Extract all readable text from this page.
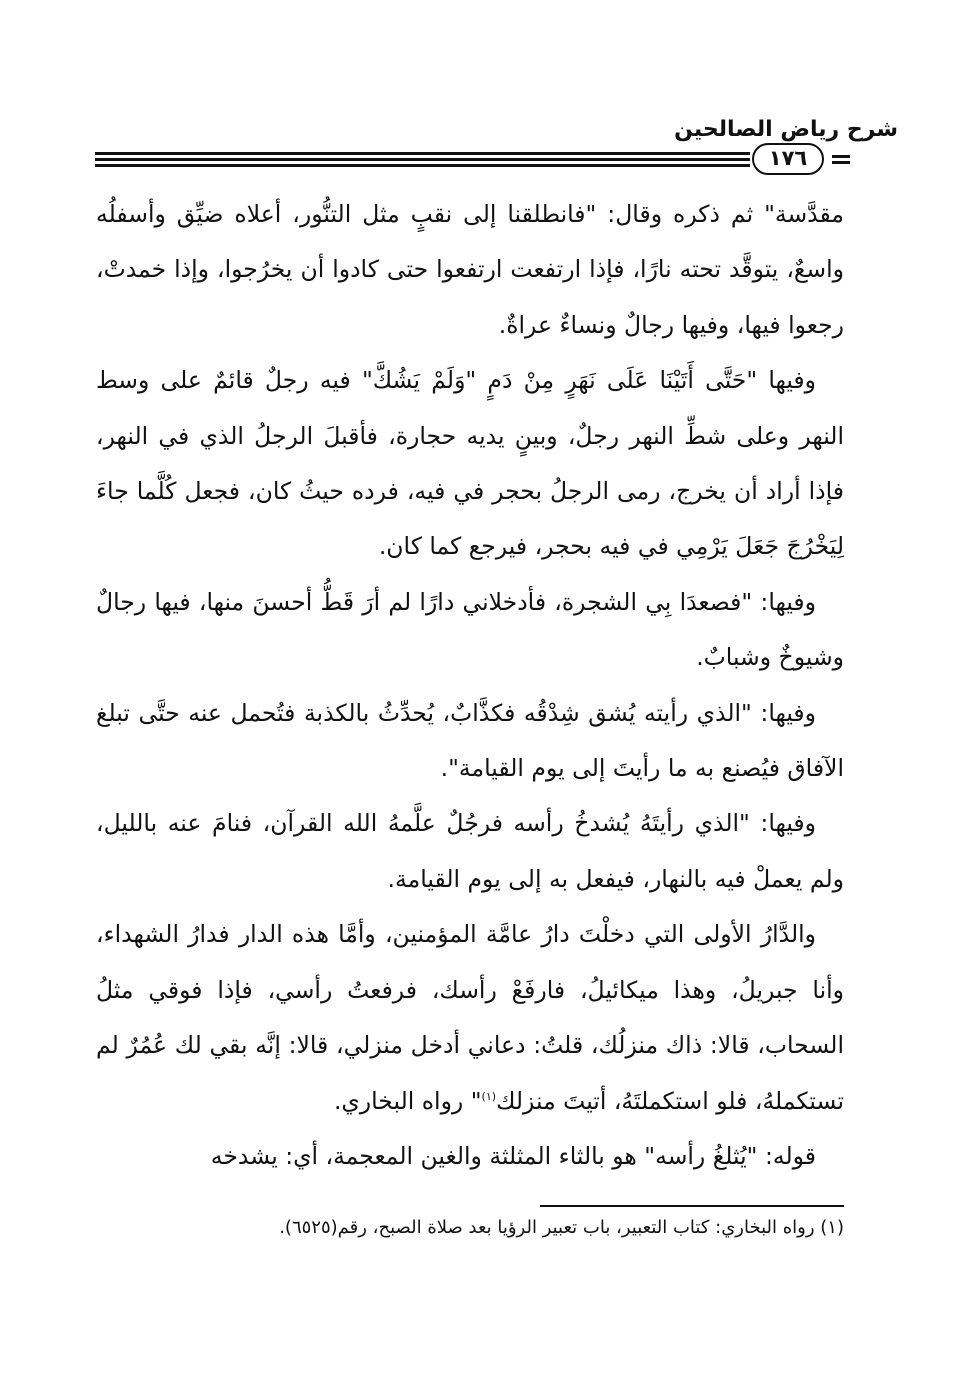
شرح رياض الصالحين
١٧٦

مقدَّسة" ثم ذكره وقال: "فانطلقنا إلى نقبٍ مثل التنُّور، أعلاه ضيِّق وأسفلُه واسعٌ، يتوقَّد تحته نارًا، فإذا ارتفعت ارتفعوا حتى كادوا أن يخرُجوا، وإذا خمدتْ، رجعوا فيها، وفيها رجالٌ ونساءٌ عراةٌ.

وفيها "حَتَّى أَتَيْنَا عَلَى نَهَرٍ مِنْ دَمٍ "وَلَمْ يَشُكَّ" فيه رجلٌ قائمٌ على وسط النهر وعلى شطِّ النهر رجلٌ، وبينٍ يديه حجارة، فأقبلَ الرجلُ الذي في النهر، فإذا أراد أن يخرج، رمى الرجلُ بحجر في فيه، فرده حيثُ كان، فجعل كُلَّما جاءَ لِيَخْرُجَ جَعَلَ يَرْمِي في فيه بحجر، فيرجع كما كان.

وفيها: "فصعدَا بِي الشجرة، فأدخلاني دارًا لم أرَ قَطُّ أحسنَ منها، فيها رجالٌ وشيوخٌ وشبابٌ.

وفيها: "الذي رأيته يُشق شِدْقُه فكذَّابٌ، يُحدِّثُ بالكذبة فتُحمل عنه حتَّى تبلغ الآفاق فيُصنع به ما رأيتَ إلى يوم القيامة".

وفيها: "الذي رأيتَهُ يُشدخُ رأسه فرجُلٌ علَّمهُ الله القرآن، فنامَ عنه بالليل، ولم يعملْ فيه بالنهار، فيفعل به إلى يوم القيامة.

والدَّارُ الأولى التي دخلْتَ دارُ عامَّة المؤمنين، وأمَّا هذه الدار فدارُ الشهداء، وأنا جبريلُ، وهذا ميكائيلُ، فارفَعْ رأسك، فرفعتُ رأسي، فإذا فوقي مثلُ السحاب، قالا: ذاك منزلُك، قلتُ: دعاني أدخل منزلي، قالا: إنَّه بقي لك عُمُرٌ لم تستكملهُ، فلو استكملتَهُ، أتيتَ منزلك$^{(١)}$" رواه البخاري.

قوله: "يُثلغُ رأسه" هو بالثاء المثلثة والغين المعجمة، أي: يشدخه

(١) رواه البخاري: كتاب التعبير، باب تعبير الرؤيا بعد صلاة الصبح، رقم(٦٥٢٥).
